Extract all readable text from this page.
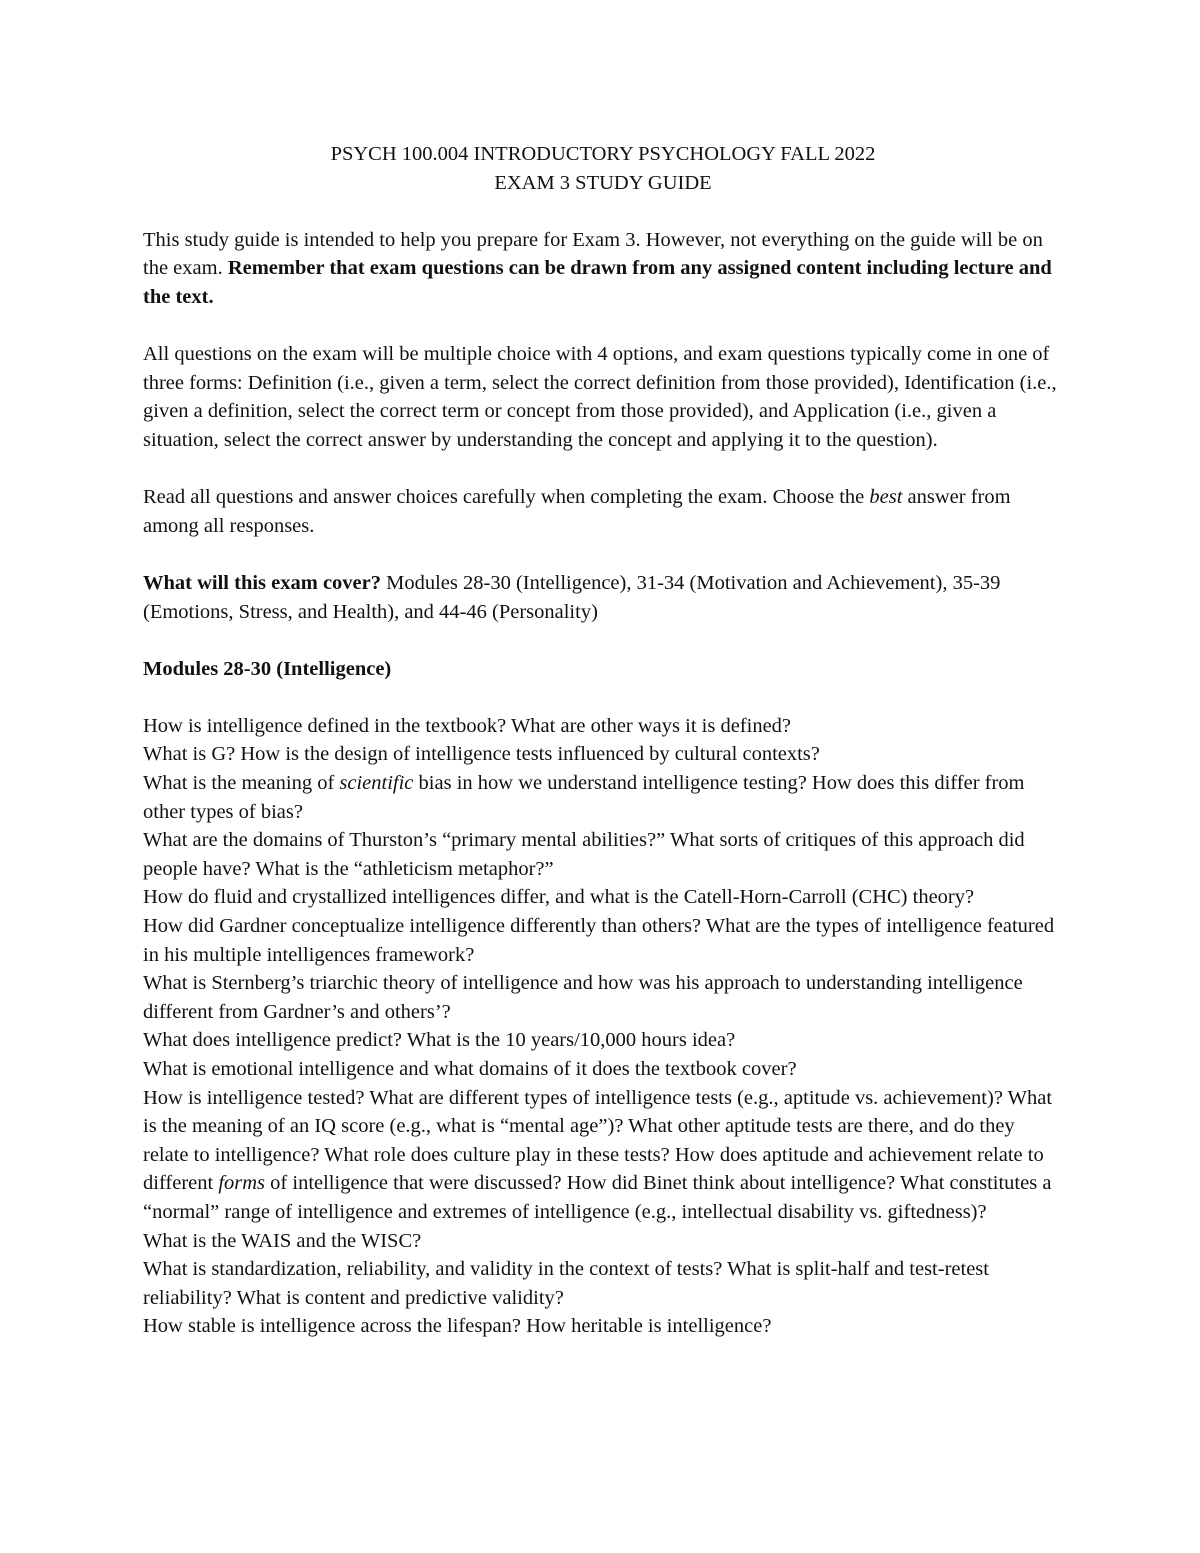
PSYCH 100.004 INTRODUCTORY PSYCHOLOGY FALL 2022

EXAM 3 STUDY GUIDE

This study guide is intended to help you prepare for Exam 3. However, not everything on the guide will be on the exam. Remember that exam questions can be drawn from any assigned content including lecture and the text.

All questions on the exam will be multiple choice with 4 options, and exam questions typically come in one of three forms: Definition (i.e., given a term, select the correct definition from those provided), Identification (i.e., given a definition, select the correct term or concept from those provided), and Application (i.e., given a situation, select the correct answer by understanding the concept and applying it to the question).

Read all questions and answer choices carefully when completing the exam. Choose the best answer from among all responses.

What will this exam cover? Modules 28-30 (Intelligence), 31-34 (Motivation and Achievement), 35-39 (Emotions, Stress, and Health), and 44-46 (Personality)

Modules 28-30 (Intelligence)

How is intelligence defined in the textbook? What are other ways it is defined?

What is G? How is the design of intelligence tests influenced by cultural contexts?

What is the meaning of scientific bias in how we understand intelligence testing? How does this differ from other types of bias?

What are the domains of Thurston’s “primary mental abilities?” What sorts of critiques of this approach did people have? What is the “athleticism metaphor?”

How do fluid and crystallized intelligences differ, and what is the Catell-Horn-Carroll (CHC) theory?

How did Gardner conceptualize intelligence differently than others? What are the types of intelligence featured in his multiple intelligences framework?

What is Sternberg’s triarchic theory of intelligence and how was his approach to understanding intelligence different from Gardner’s and others’?

What does intelligence predict? What is the 10 years/10,000 hours idea?

What is emotional intelligence and what domains of it does the textbook cover?

How is intelligence tested? What are different types of intelligence tests (e.g., aptitude vs. achievement)? What is the meaning of an IQ score (e.g., what is “mental age”)? What other aptitude tests are there, and do they relate to intelligence? What role does culture play in these tests? How does aptitude and achievement relate to different forms of intelligence that were discussed? How did Binet think about intelligence? What constitutes a “normal” range of intelligence and extremes of intelligence (e.g., intellectual disability vs. giftedness)?

What is the WAIS and the WISC?

What is standardization, reliability, and validity in the context of tests? What is split-half and test-retest reliability? What is content and predictive validity?

How stable is intelligence across the lifespan? How heritable is intelligence?
